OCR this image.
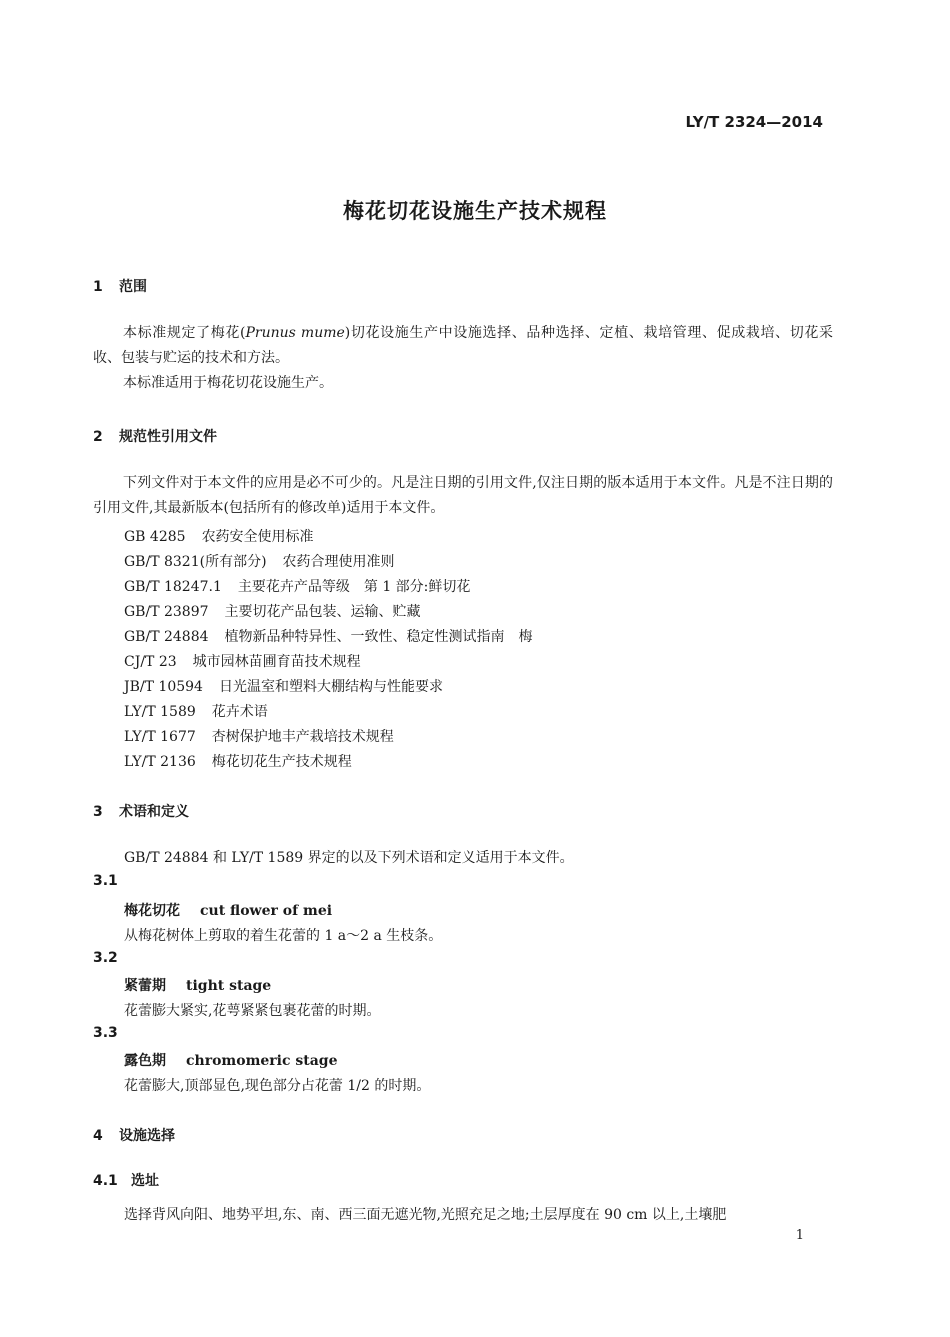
LY/T 2324—2014
梅花切花设施生产技术规程
1 范围
本标准规定了梅花(Prunus mume)切花设施生产中设施选择、品种选择、定植、栽培管理、促成栽培、切花采收、包装与贮运的技术和方法。
本标准适用于梅花切花设施生产。
2 规范性引用文件
下列文件对于本文件的应用是必不可少的。凡是注日期的引用文件,仅注日期的版本适用于本文件。凡是不注日期的引用文件,其最新版本(包括所有的修改单)适用于本文件。
GB 4285 农药安全使用标准
GB/T 8321(所有部分) 农药合理使用准则
GB/T 18247.1 主要花卉产品等级　第 1 部分:鲜切花
GB/T 23897 主要切花产品包装、运输、贮藏
GB/T 24884 植物新品种特异性、一致性、稳定性测试指南　梅
CJ/T 23 城市园林苗圃育苗技术规程
JB/T 10594 日光温室和塑料大棚结构与性能要求
LY/T 1589 花卉术语
LY/T 1677 杏树保护地丰产栽培技术规程
LY/T 2136 梅花切花生产技术规程
3 术语和定义
GB/T 24884 和 LY/T 1589 界定的以及下列术语和定义适用于本文件。
3.1
梅花切花 cut flower of mei
从梅花树体上剪取的着生花蕾的 1 a～2 a 生枝条。
3.2
紧蕾期 tight stage
花蕾膨大紧实,花萼紧紧包裹花蕾的时期。
3.3
露色期 chromomeric stage
花蕾膨大,顶部显色,现色部分占花蕾 1/2 的时期。
4 设施选择
4.1 选址
选择背风向阳、地势平坦,东、南、西三面无遮光物,光照充足之地;土层厚度在 90 cm 以上,土壤肥
1
